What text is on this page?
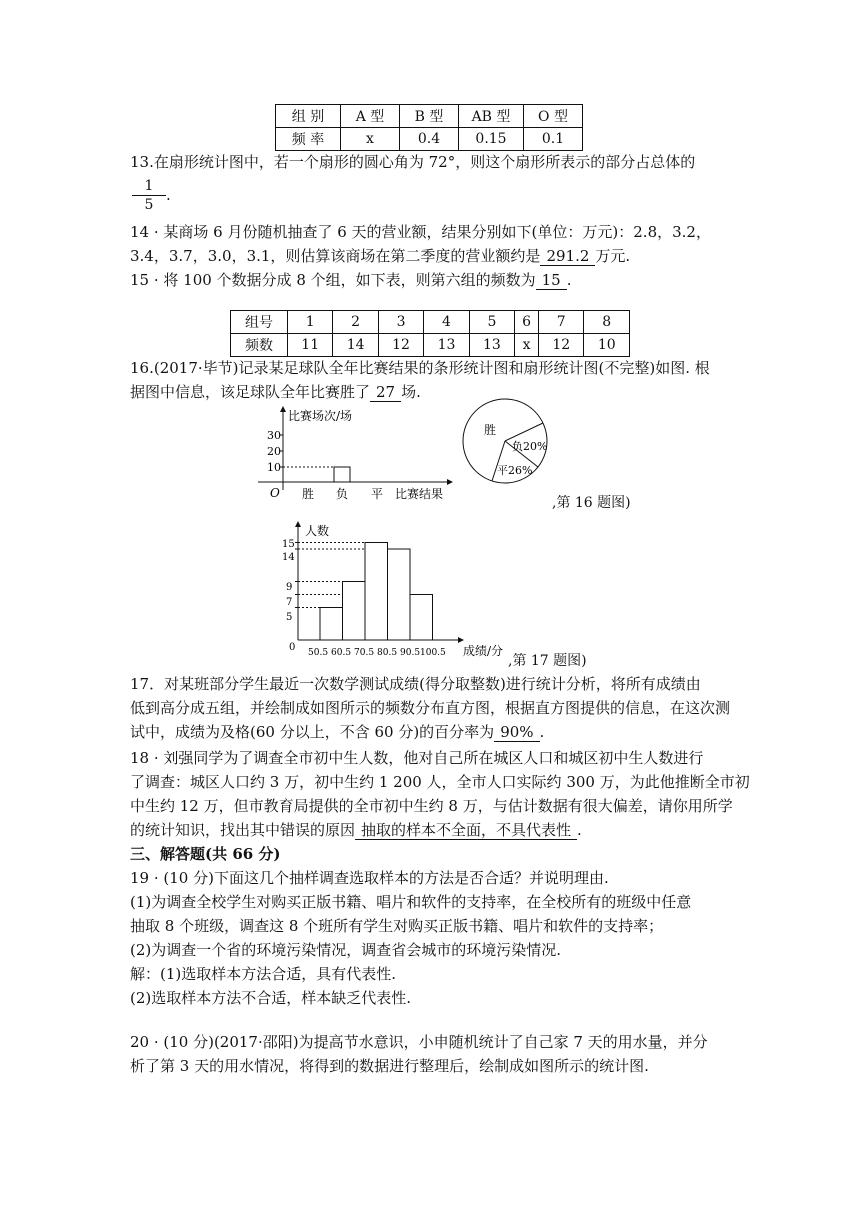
组 别	A 型	B 型	AB 型	O 型
频 率	x	0.4	0.15	0.1
13.在扇形统计图中，若一个扇形的圆心角为 72°，则这个扇形所表示的部分占总体的
1
5
.
14 · 某商场 6 月份随机抽查了 6 天的营业额，结果分别如下(单位：万元)：2.8，3.2，
3.4，3.7，3.0，3.1，则估算该商场在第二季度的营业额约是 291.2 万元.
15 · 将 100 个数据分成 8 个组，如下表，则第六组的频数为 15 .
组号	1	2	3	4	5	6	7	8
频数	11	14	12	13	13	x	12	10
16.(2017·毕节)记录某足球队全年比赛结果的条形统计图和扇形统计图(不完整)如图. 根
据图中信息，该足球队全年比赛胜了 27 场.
比赛场次/场
30
20
10
O 胜 负 平 比赛结果
胜
负20%
平26%
,第 16 题图)
人数
成绩/分
0
15
14
9
7
5
50.5 60.5 70.5 80.5 90.5 100.5	,第 17 题图)
17．对某班部分学生最近一次数学测试成绩(得分取整数)进行统计分析，将所有成绩由
低到高分成五组，并绘制成如图所示的频数分布直方图，根据直方图提供的信息，在这次测
试中，成绩为及格(60 分以上，不含 60 分)的百分率为 90% .
18 · 刘强同学为了调查全市初中生人数，他对自己所在城区人口和城区初中生人数进行
了调查：城区人口约 3 万，初中生约 1 200 人，全市人口实际约 300 万，为此他推断全市初
中生约 12 万，但市教育局提供的全市初中生约 8 万，与估计数据有很大偏差，请你用所学
的统计知识，找出其中错误的原因 抽取的样本不全面，不具代表性 .
三、解答题(共 66 分)
19 · (10 分)下面这几个抽样调查选取样本的方法是否合适？并说明理由.
(1)为调查全校学生对购买正版书籍、唱片和软件的支持率，在全校所有的班级中任意
抽取 8 个班级，调查这 8 个班所有学生对购买正版书籍、唱片和软件的支持率；
(2)为调查一个省的环境污染情况，调查省会城市的环境污染情况.
解：(1)选取样本方法合适，具有代表性.
(2)选取样本方法不合适，样本缺乏代表性.
20 · (10 分)(2017·邵阳)为提高节水意识，小申随机统计了自己家 7 天的用水量，并分
析了第 3 天的用水情况，将得到的数据进行整理后，绘制成如图所示的统计图.
